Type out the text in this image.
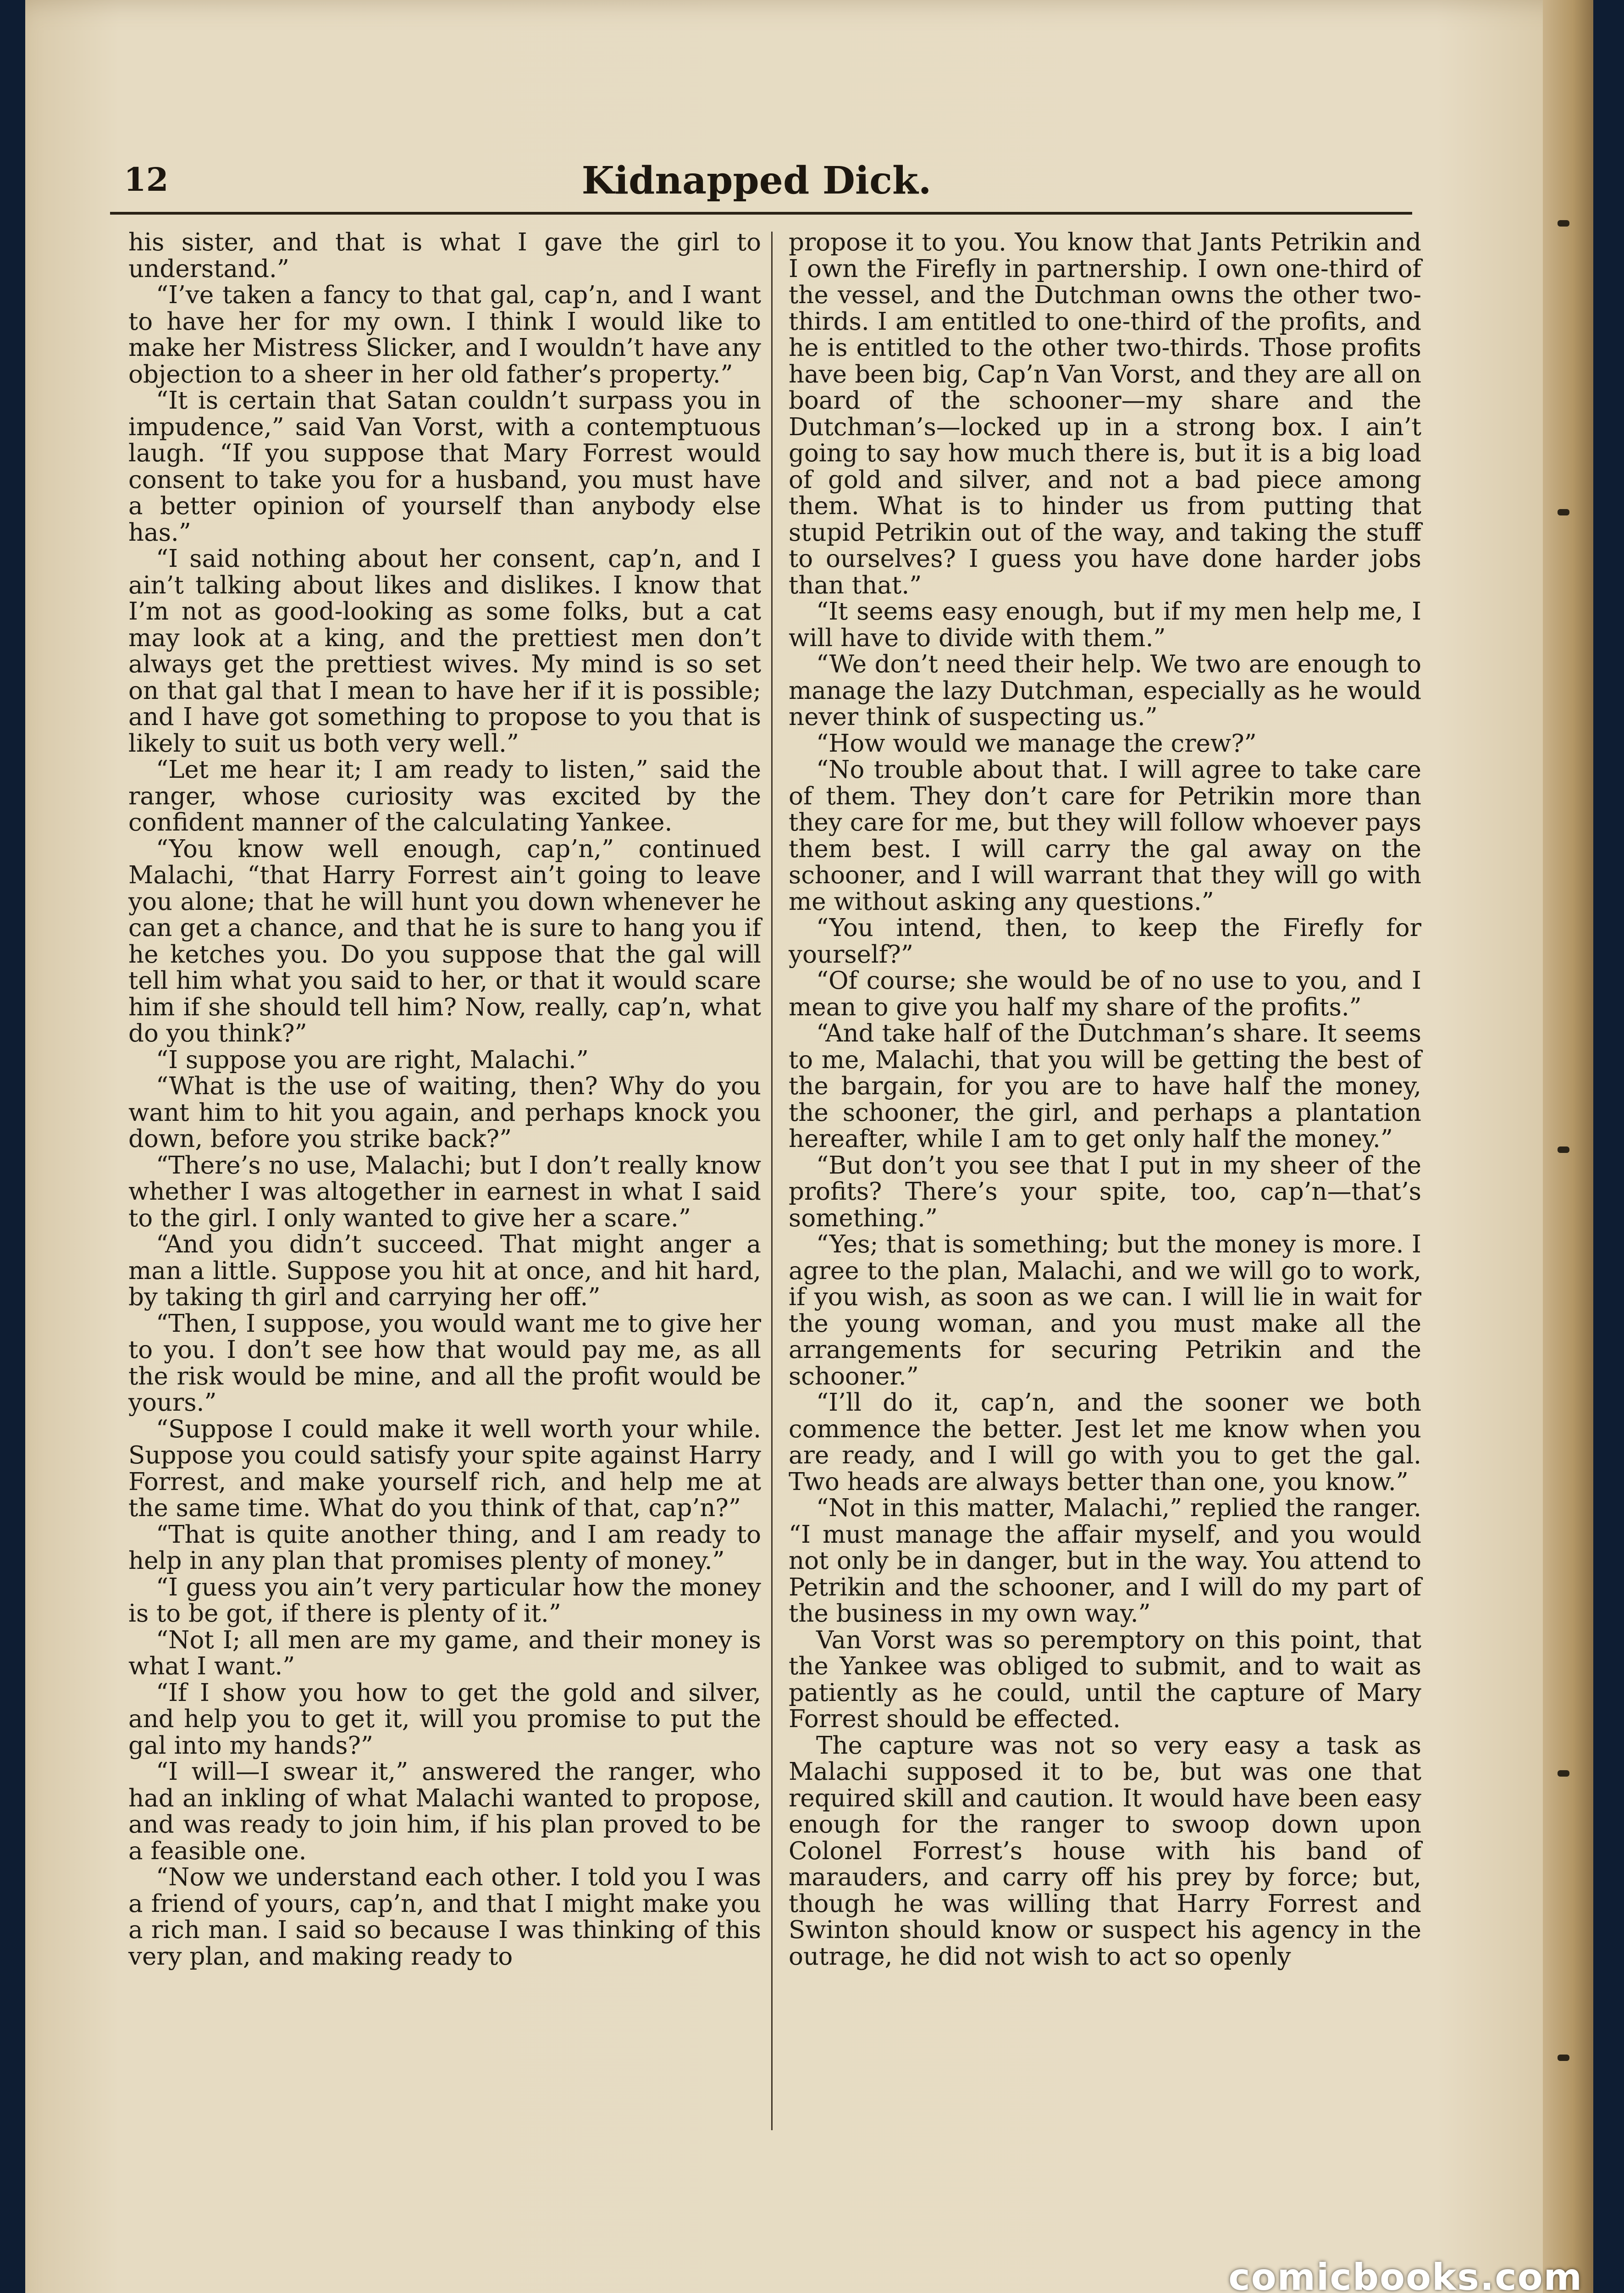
12	Kidnapped Dick.

his sister, and that is what I gave the girl to understand.”

“I’ve taken a fancy to that gal, cap’n, and I want to have her for my own. I think I would like to make her Mistress Slicker, and I wouldn’t have any objection to a sheer in her old father’s property.”

“It is certain that Satan couldn’t surpass you in impudence,” said Van Vorst, with a contemptuous laugh. “If you suppose that Mary Forrest would consent to take you for a husband, you must have a better opinion of yourself than anybody else has.”

“I said nothing about her consent, cap’n, and I ain’t talking about likes and dislikes. I know that I’m not as good-looking as some folks, but a cat may look at a king, and the prettiest men don’t always get the prettiest wives. My mind is so set on that gal that I mean to have her if it is possible; and I have got something to propose to you that is likely to suit us both very well.”

“Let me hear it; I am ready to listen,” said the ranger, whose curiosity was excited by the confident manner of the calculating Yankee.

“You know well enough, cap’n,” continued Malachi, “that Harry Forrest ain’t going to leave you alone; that he will hunt you down whenever he can get a chance, and that he is sure to hang you if he ketches you. Do you suppose that the gal will tell him what you said to her, or that it would scare him if she should tell him? Now, really, cap’n, what do you think?”

“I suppose you are right, Malachi.”

“What is the use of waiting, then? Why do you want him to hit you again, and perhaps knock you down, before you strike back?”

“There’s no use, Malachi; but I don’t really know whether I was altogether in earnest in what I said to the girl. I only wanted to give her a scare.”

“And you didn’t succeed. That might anger a man a little. Suppose you hit at once, and hit hard, by taking th girl and carrying her off.”

“Then, I suppose, you would want me to give her to you. I don’t see how that would pay me, as all the risk would be mine, and all the profit would be yours.”

“Suppose I could make it well worth your while. Suppose you could satisfy your spite against Harry Forrest, and make yourself rich, and help me at the same time. What do you think of that, cap’n?”

“That is quite another thing, and I am ready to help in any plan that promises plenty of money.”

“I guess you ain’t very particular how the money is to be got, if there is plenty of it.”

“Not I; all men are my game, and their money is what I want.”

“If I show you how to get the gold and silver, and help you to get it, will you promise to put the gal into my hands?”

“I will—I swear it,” answered the ranger, who had an inkling of what Malachi wanted to propose, and was ready to join him, if his plan proved to be a feasible one.

“Now we understand each other. I told you I was a friend of yours, cap’n, and that I might make you a rich man. I said so because I was thinking of this very plan, and making ready to

propose it to you. You know that Jants Petrikin and I own the Firefly in partnership. I own one-third of the vessel, and the Dutchman owns the other two-thirds. I am entitled to one-third of the profits, and he is entitled to the other two-thirds. Those profits have been big, Cap’n Van Vorst, and they are all on board of the schooner—my share and the Dutchman’s—locked up in a strong box. I ain’t going to say how much there is, but it is a big load of gold and silver, and not a bad piece among them. What is to hinder us from putting that stupid Petrikin out of the way, and taking the stuff to ourselves? I guess you have done harder jobs than that.”

“It seems easy enough, but if my men help me, I will have to divide with them.”

“We don’t need their help. We two are enough to manage the lazy Dutchman, especially as he would never think of suspecting us.”

“How would we manage the crew?”

“No trouble about that. I will agree to take care of them. They don’t care for Petrikin more than they care for me, but they will follow whoever pays them best. I will carry the gal away on the schooner, and I will warrant that they will go with me without asking any questions.”

“You intend, then, to keep the Firefly for yourself?”

“Of course; she would be of no use to you, and I mean to give you half my share of the profits.”

“And take half of the Dutchman’s share. It seems to me, Malachi, that you will be getting the best of the bargain, for you are to have half the money, the schooner, the girl, and perhaps a plantation hereafter, while I am to get only half the money.”

“But don’t you see that I put in my sheer of the profits? There’s your spite, too, cap’n—that’s something.”

“Yes; that is something; but the money is more. I agree to the plan, Malachi, and we will go to work, if you wish, as soon as we can. I will lie in wait for the young woman, and you must make all the arrangements for securing Petrikin and the schooner.”

“I’ll do it, cap’n, and the sooner we both commence the better. Jest let me know when you are ready, and I will go with you to get the gal. Two heads are always better than one, you know.”

“Not in this matter, Malachi,” replied the ranger. “I must manage the affair myself, and you would not only be in danger, but in the way. You attend to Petrikin and the schooner, and I will do my part of the business in my own way.”

Van Vorst was so peremptory on this point, that the Yankee was obliged to submit, and to wait as patiently as he could, until the capture of Mary Forrest should be effected.

The capture was not so very easy a task as Malachi supposed it to be, but was one that required skill and caution. It would have been easy enough for the ranger to swoop down upon Colonel Forrest’s house with his band of marauders, and carry off his prey by force; but, though he was willing that Harry Forrest and Swinton should know or suspect his agency in the outrage, he did not wish to act so openly

comicbooks.com
